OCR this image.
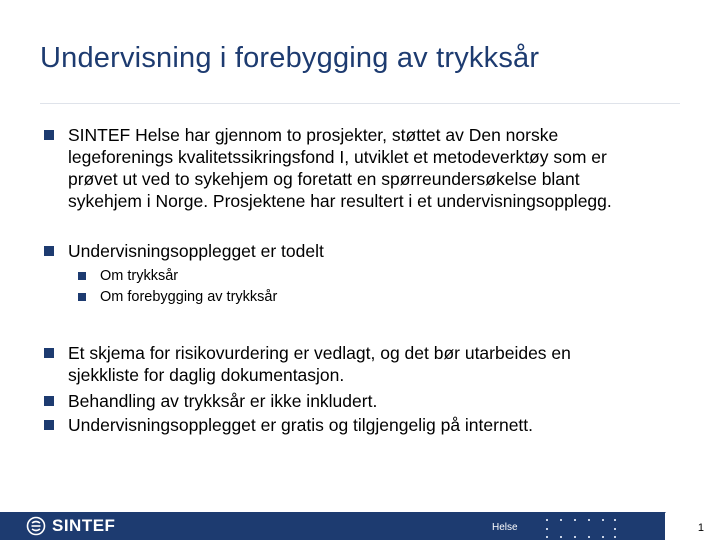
Undervisning i forebygging av trykksår
SINTEF Helse har gjennom to prosjekter, støttet av Den norske
legeforenings kvalitetssikringsfond I, utviklet et metodeverktøy som er
prøvet ut ved to sykehjem og foretatt en spørreundersøkelse blant
sykehjem i Norge. Prosjektene har resultert i et undervisningsopplegg.
Undervisningsopplegget er todelt
Om trykksår
Om forebygging av trykksår
Et skjema for risikovurdering er vedlagt, og det bør utarbeides en
sjekkliste for daglig dokumentasjon.
Behandling av trykksår er ikke inkludert.
Undervisningsopplegget er gratis og tilgjengelig på internett.
SINTEF	Helse	1
